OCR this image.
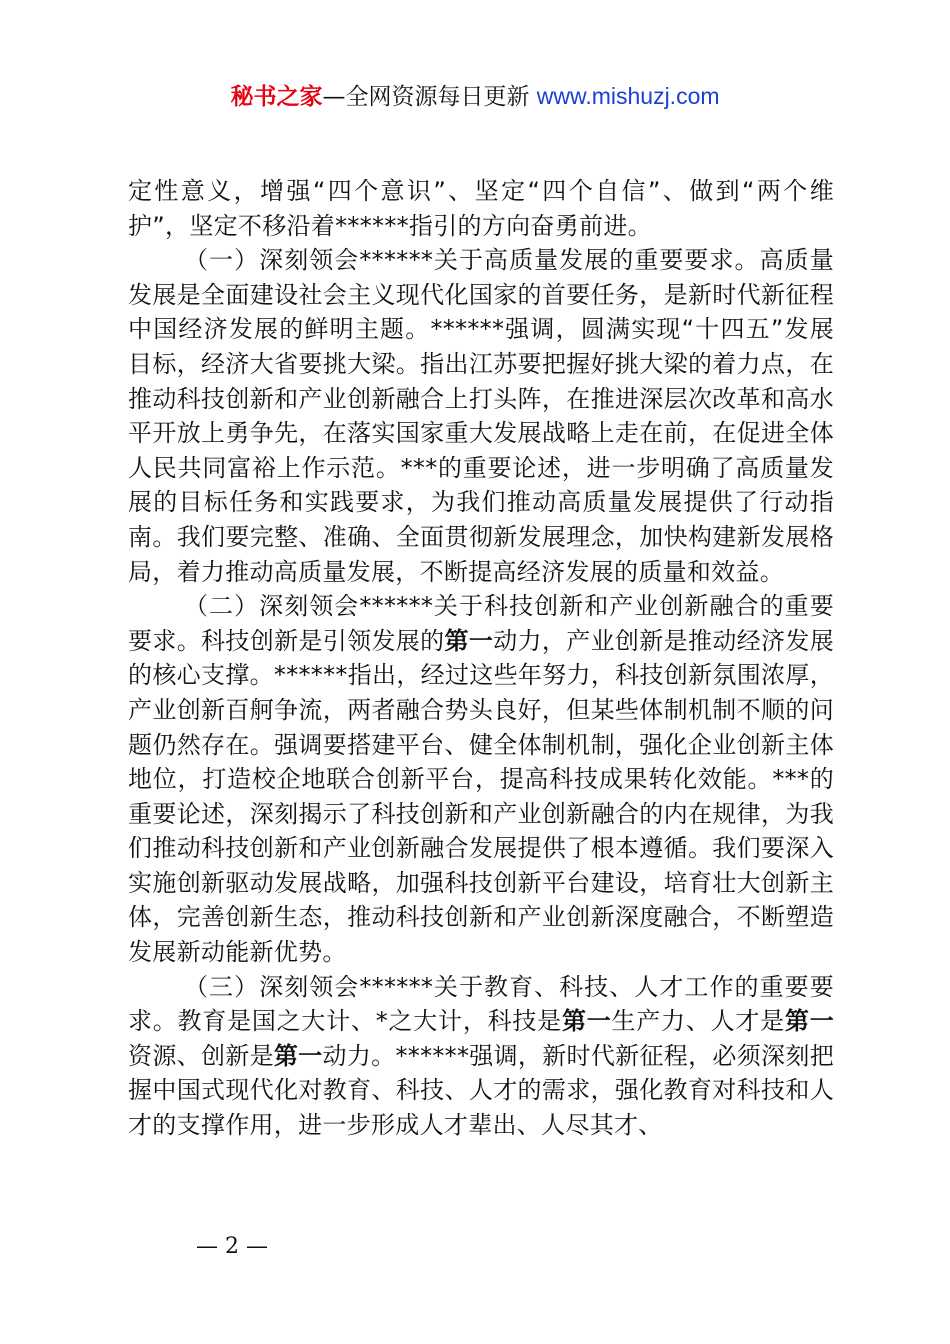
秘书之家—全网资源每日更新 www.mishuzj.com

定性意义，增强“四个意识”、坚定“四个自信”、做到“两个维护”，坚定不移沿着******指引的方向奋勇前进。

（一）深刻领会******关于高质量发展的重要要求。高质量发展是全面建设社会主义现代化国家的首要任务，是新时代新征程中国经济发展的鲜明主题。******强调，圆满实现“十四五”发展目标，经济大省要挑大梁。指出江苏要把握好挑大梁的着力点，在推动科技创新和产业创新融合上打头阵，在推进深层次改革和高水平开放上勇争先，在落实国家重大发展战略上走在前，在促进全体人民共同富裕上作示范。***的重要论述，进一步明确了高质量发展的目标任务和实践要求，为我们推动高质量发展提供了行动指南。我们要完整、准确、全面贯彻新发展理念，加快构建新发展格局，着力推动高质量发展，不断提高经济发展的质量和效益。

（二）深刻领会******关于科技创新和产业创新融合的重要要求。科技创新是引领发展的第一动力，产业创新是推动经济发展的核心支撑。******指出，经过这些年努力，科技创新氛围浓厚，产业创新百舸争流，两者融合势头良好，但某些体制机制不顺的问题仍然存在。强调要搭建平台、健全体制机制，强化企业创新主体地位，打造校企地联合创新平台，提高科技成果转化效能。***的重要论述，深刻揭示了科技创新和产业创新融合的内在规律，为我们推动科技创新和产业创新融合发展提供了根本遵循。我们要深入实施创新驱动发展战略，加强科技创新平台建设，培育壮大创新主体，完善创新生态，推动科技创新和产业创新深度融合，不断塑造发展新动能新优势。

（三）深刻领会******关于教育、科技、人才工作的重要要求。教育是国之大计、*之大计，科技是第一生产力、人才是第一资源、创新是第一动力。******强调，新时代新征程，必须深刻把握中国式现代化对教育、科技、人才的需求，强化教育对科技和人才的支撑作用，进一步形成人才辈出、人尽其才、

— 2 —
